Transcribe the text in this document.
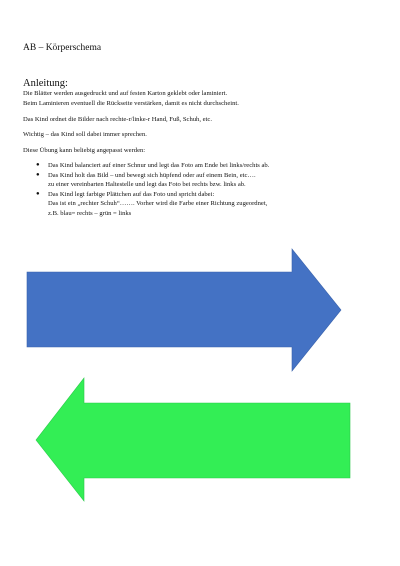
AB – Körperschema
Anleitung:
Die Blätter werden ausgedruckt und auf festen Karton geklebt oder laminiert.
Beim Laminieren eventuell die Rückseite verstärken, damit es nicht durchscheint.
Das Kind ordnet die Bilder nach rechte-r/linke-r Hand, Fuß, Schuh, etc.
Wichtig – das Kind soll dabei immer sprechen.
Diese Übung kann beliebig angepasst werden:
● Das Kind balanciert auf einer Schnur und legt das Foto am Ende bei links/rechts ab.
● Das Kind holt das Bild – und bewegt sich hüpfend oder auf einem Bein, etc….
zu einer vereinbarten Haltestelle und legt das Foto bei rechts bzw. links ab.
● Das Kind legt farbige Plättchen auf das Foto und spricht dabei:
Das ist ein „rechter Schuh“……. Vorher wird die Farbe einer Richtung zugeordnet,
z.B. blau= rechts – grün = links
